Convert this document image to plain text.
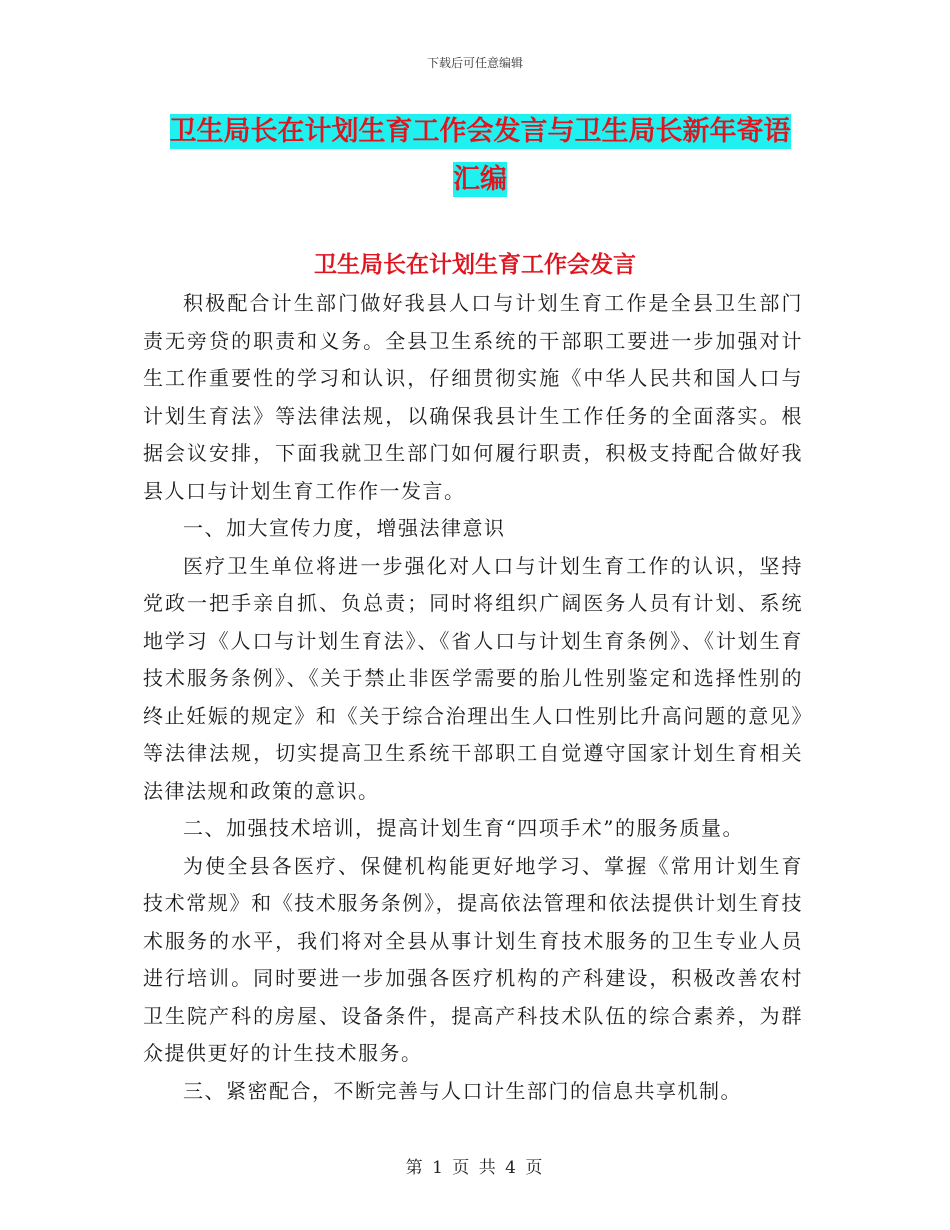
下载后可任意编辑
卫生局长在计划生育工作会发言与卫生局长新年寄语
汇编
卫生局长在计划生育工作会发言

积极配合计生部门做好我县人口与计划生育工作是全县卫生部门责无旁贷的职责和义务。全县卫生系统的干部职工要进一步加强对计生工作重要性的学习和认识，仔细贯彻实施《中华人民共和国人口与计划生育法》等法律法规，以确保我县计生工作任务的全面落实。根据会议安排，下面我就卫生部门如何履行职责，积极支持配合做好我县人口与计划生育工作作一发言。

一、加大宣传力度，增强法律意识

医疗卫生单位将进一步强化对人口与计划生育工作的认识，坚持党政一把手亲自抓、负总责；同时将组织广阔医务人员有计划、系统地学习《人口与计划生育法》、《省人口与计划生育条例》、《计划生育技术服务条例》、《关于禁止非医学需要的胎儿性别鉴定和选择性别的终止妊娠的规定》和《关于综合治理出生人口性别比升高问题的意见》等法律法规，切实提高卫生系统干部职工自觉遵守国家计划生育相关法律法规和政策的意识。

二、加强技术培训，提高计划生育“四项手术”的服务质量。

为使全县各医疗、保健机构能更好地学习、掌握《常用计划生育技术常规》和《技术服务条例》，提高依法管理和依法提供计划生育技术服务的水平，我们将对全县从事计划生育技术服务的卫生专业人员进行培训。同时要进一步加强各医疗机构的产科建设，积极改善农村卫生院产科的房屋、设备条件，提高产科技术队伍的综合素养，为群众提供更好的计生技术服务。

三、紧密配合，不断完善与人口计生部门的信息共享机制。

第 1 页 共 4 页
